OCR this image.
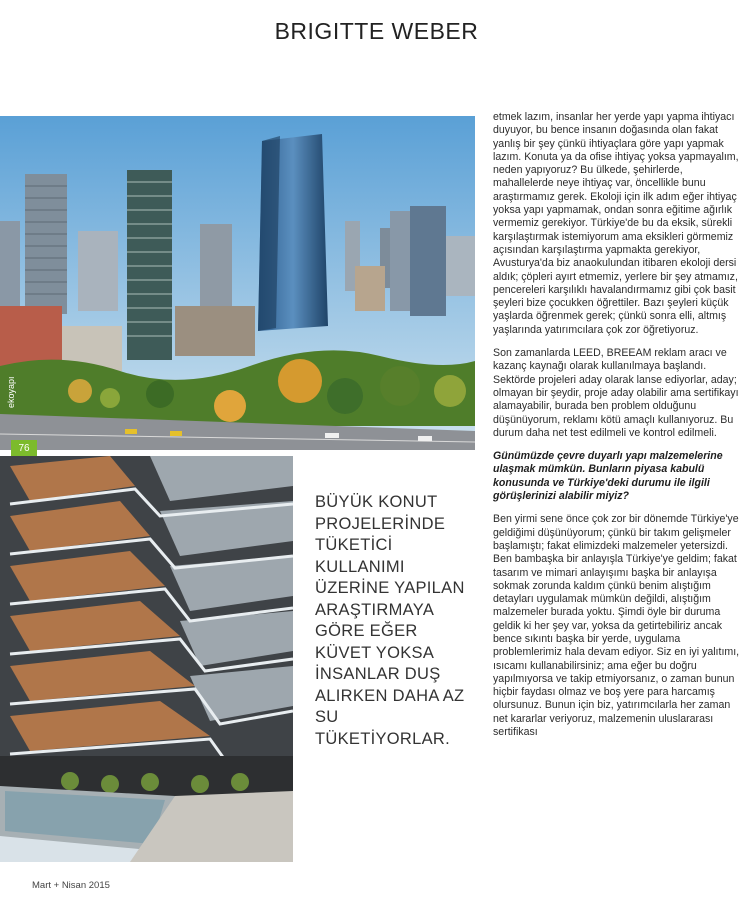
BRIGITTE WEBER
ekoyapı
76
BÜYÜK KONUT PROJELERİNDE TÜKETİCİ KULLANIMI ÜZERİNE YAPILAN ARAŞTIRMAYA GÖRE EĞER KÜVET YOKSA İNSANLAR DUŞ ALIRKEN DAHA AZ SU TÜKETİYORLAR.

etmek lazım, insanlar her yerde yapı yapma ihtiyacı duyuyor, bu bence insanın doğasında olan fakat yanlış bir şey çünkü ihtiyaçlara göre yapı yapmak lazım. Konuta ya da ofise ihtiyaç yoksa yapmayalım, neden yapıyoruz? Bu ülkede, şehirlerde, mahallelerde neye ihtiyaç var, öncellikle bunu araştırmamız gerek. Ekoloji için ilk adım eğer ihtiyaç yoksa yapı yapmamak, ondan sonra eğitime ağırlık vermemiz gerekiyor. Türkiye'de bu da eksik, sürekli karşılaştırmak istemiyorum ama eksikleri görmemiz açısından karşılaştırma yapmakta gerekiyor, Avusturya'da biz anaokulundan itibaren ekoloji dersi aldık; çöpleri ayırt etmemiz, yerlere bir şey atmamız, pencereleri karşılıklı havalandırmamız gibi çok basit şeyleri bize çocukken öğrettiler. Bazı şeyleri küçük yaşlarda öğrenmek gerek; çünkü sonra elli, altmış yaşlarında yatırımcılara çok zor öğretiyoruz.

Son zamanlarda LEED, BREEAM reklam aracı ve kazanç kaynağı olarak kullanılmaya başlandı. Sektörde projeleri aday olarak lanse ediyorlar, aday; olmayan bir şeydir, proje aday olabilir ama sertifikayı alamayabilir, burada ben problem olduğunu düşünüyorum, reklamı kötü amaçlı kullanıyoruz. Bu durum daha net test edilmeli ve kontrol edilmeli.

Günümüzde çevre duyarlı yapı malzemelerine ulaşmak mümkün. Bunların piyasa kabulü konusunda ve Türkiye'deki durumu ile ilgili görüşlerinizi alabilir miyiz?

Ben yirmi sene önce çok zor bir dönemde Türkiye'ye geldiğimi düşünüyorum; çünkü bir takım gelişmeler başlamıştı; fakat elimizdeki malzemeler yetersizdi. Ben bambaşka bir anlayışla Türkiye'ye geldim; fakat tasarım ve mimari anlayışımı başka bir anlayışa sokmak zorunda kaldım çünkü benim alıştığım detayları uygulamak mümkün değildi, alıştığım malzemeler burada yoktu. Şimdi öyle bir duruma geldik ki her şey var, yoksa da getirtebiliriz ancak bence sıkıntı başka bir yerde, uygulama problemlerimiz hala devam ediyor. Siz en iyi yalıtımı, ısıcamı kullanabilirsiniz; ama eğer bu doğru yapılmıyorsa ve takip etmiyorsanız, o zaman bunun hiçbir faydası olmaz ve boş yere para harcamış olursunuz. Bunun için biz, yatırımcılarla her zaman net kararlar veriyoruz, malzemenin uluslararası sertifikası

Mart + Nisan 2015
